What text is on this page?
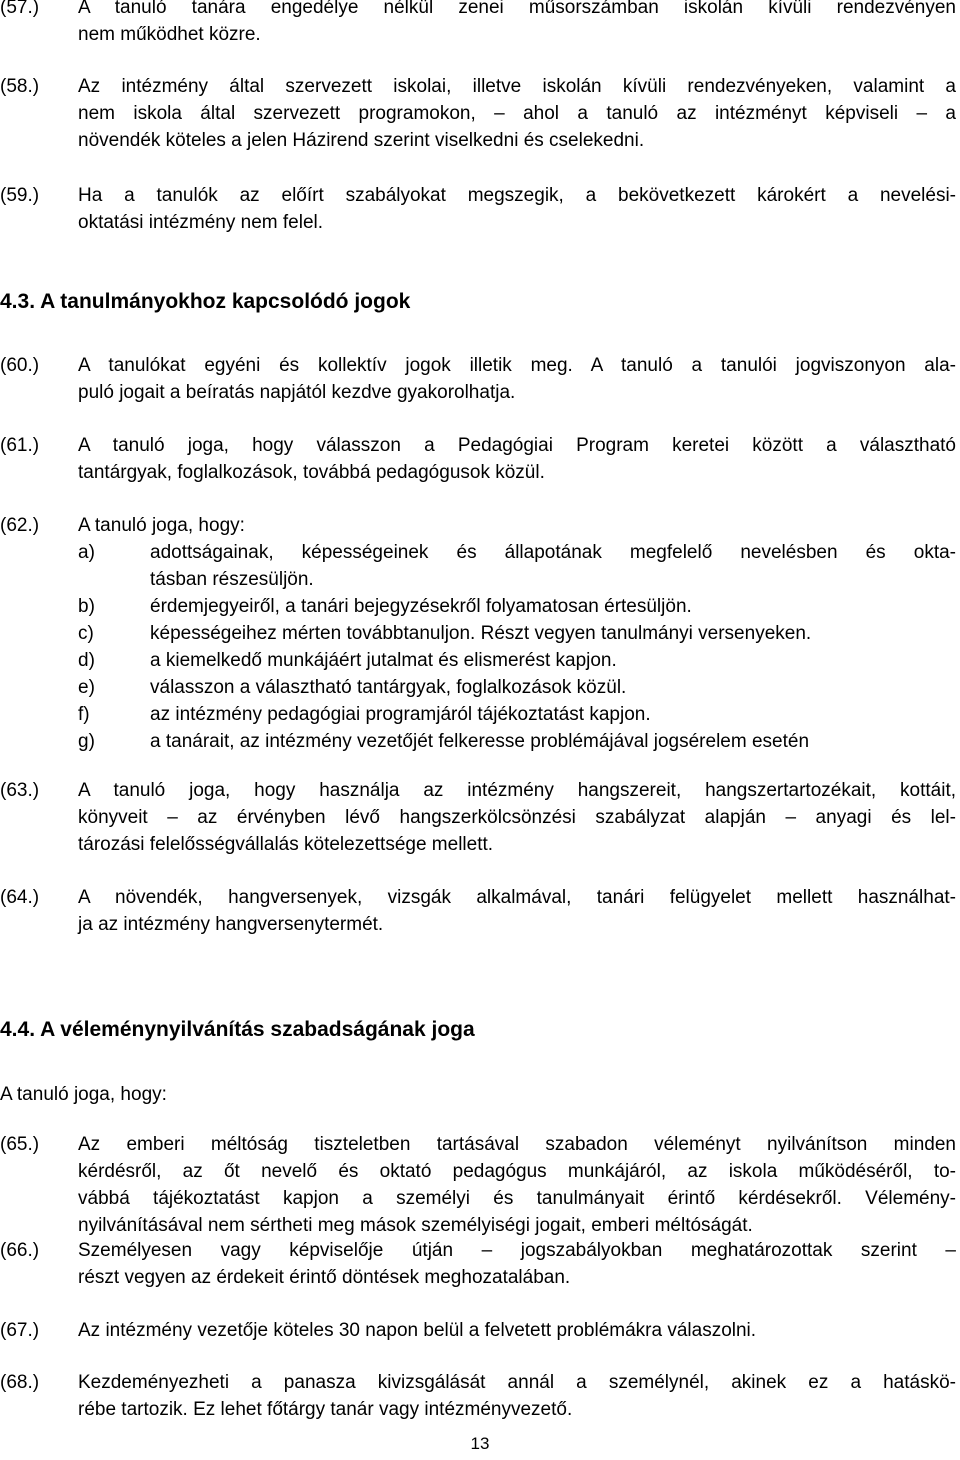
(57.)	A tanuló tanára engedélye nélkül zenei műsorszámban iskolán kívüli rendezvényen
nem működhet közre.
(58.)	Az intézmény által szervezett iskolai, illetve iskolán kívüli rendezvényeken, valamint a
nem iskola által szervezett programokon, – ahol a tanuló az intézményt képviseli – a
növendék köteles a jelen Házirend szerint viselkedni és cselekedni.
(59.)	Ha a tanulók az előírt szabályokat megszegik, a bekövetkezett károkért a nevelési-
oktatási intézmény nem felel.
4.3. A tanulmányokhoz kapcsolódó jogok
(60.)	A tanulókat egyéni és kollektív jogok illetik meg. A tanuló a tanulói jogviszonyon ala-
puló jogait a beíratás napjától kezdve gyakorolhatja.
(61.)	A tanuló joga, hogy válasszon a Pedagógiai Program keretei között a választható
tantárgyak, foglalkozások, továbbá pedagógusok közül.
(62.)	A tanuló joga, hogy:
a)	adottságainak, képességeinek és állapotának megfelelő nevelésben és okta-
tásban részesüljön.
b)	érdemjegyeiről, a tanári bejegyzésekről folyamatosan értesüljön.
c)	képességeihez mérten továbbtanuljon. Részt vegyen tanulmányi versenyeken.
d)	a kiemelkedő munkájáért jutalmat és elismerést kapjon.
e)	válasszon a választható tantárgyak, foglalkozások közül.
f)	az intézmény pedagógiai programjáról tájékoztatást kapjon.
g)	a tanárait, az intézmény vezetőjét felkeresse problémájával jogsérelem esetén
(63.)	A tanuló joga, hogy használja az intézmény hangszereit, hangszertartozékait, kottáit,
könyveit – az érvényben lévő hangszerkölcsönzési szabályzat alapján – anyagi és lel-
tározási felelősségvállalás kötelezettsége mellett.
(64.)	A növendék, hangversenyek, vizsgák alkalmával, tanári felügyelet mellett használhat-
ja az intézmény hangversenytermét.
4.4. A véleménynyilvánítás szabadságának joga
A tanuló joga, hogy:
(65.)	Az emberi méltóság tiszteletben tartásával szabadon véleményt nyilvánítson minden
kérdésről, az őt nevelő és oktató pedagógus munkájáról, az iskola működéséről, to-
vábbá tájékoztatást kapjon a személyi és tanulmányait érintő kérdésekről. Vélemény-
nyilvánításával nem sértheti meg mások személyiségi jogait, emberi méltóságát.
(66.)	Személyesen vagy képviselője útján – jogszabályokban meghatározottak szerint –
részt vegyen az érdekeit érintő döntések meghozatalában.
(67.)	Az intézmény vezetője köteles 30 napon belül a felvetett problémákra válaszolni.
(68.)	Kezdeményezheti a panasza kivizsgálását annál a személynél, akinek ez a hatáskö-
rébe tartozik. Ez lehet főtárgy tanár vagy intézményvezető.
13
